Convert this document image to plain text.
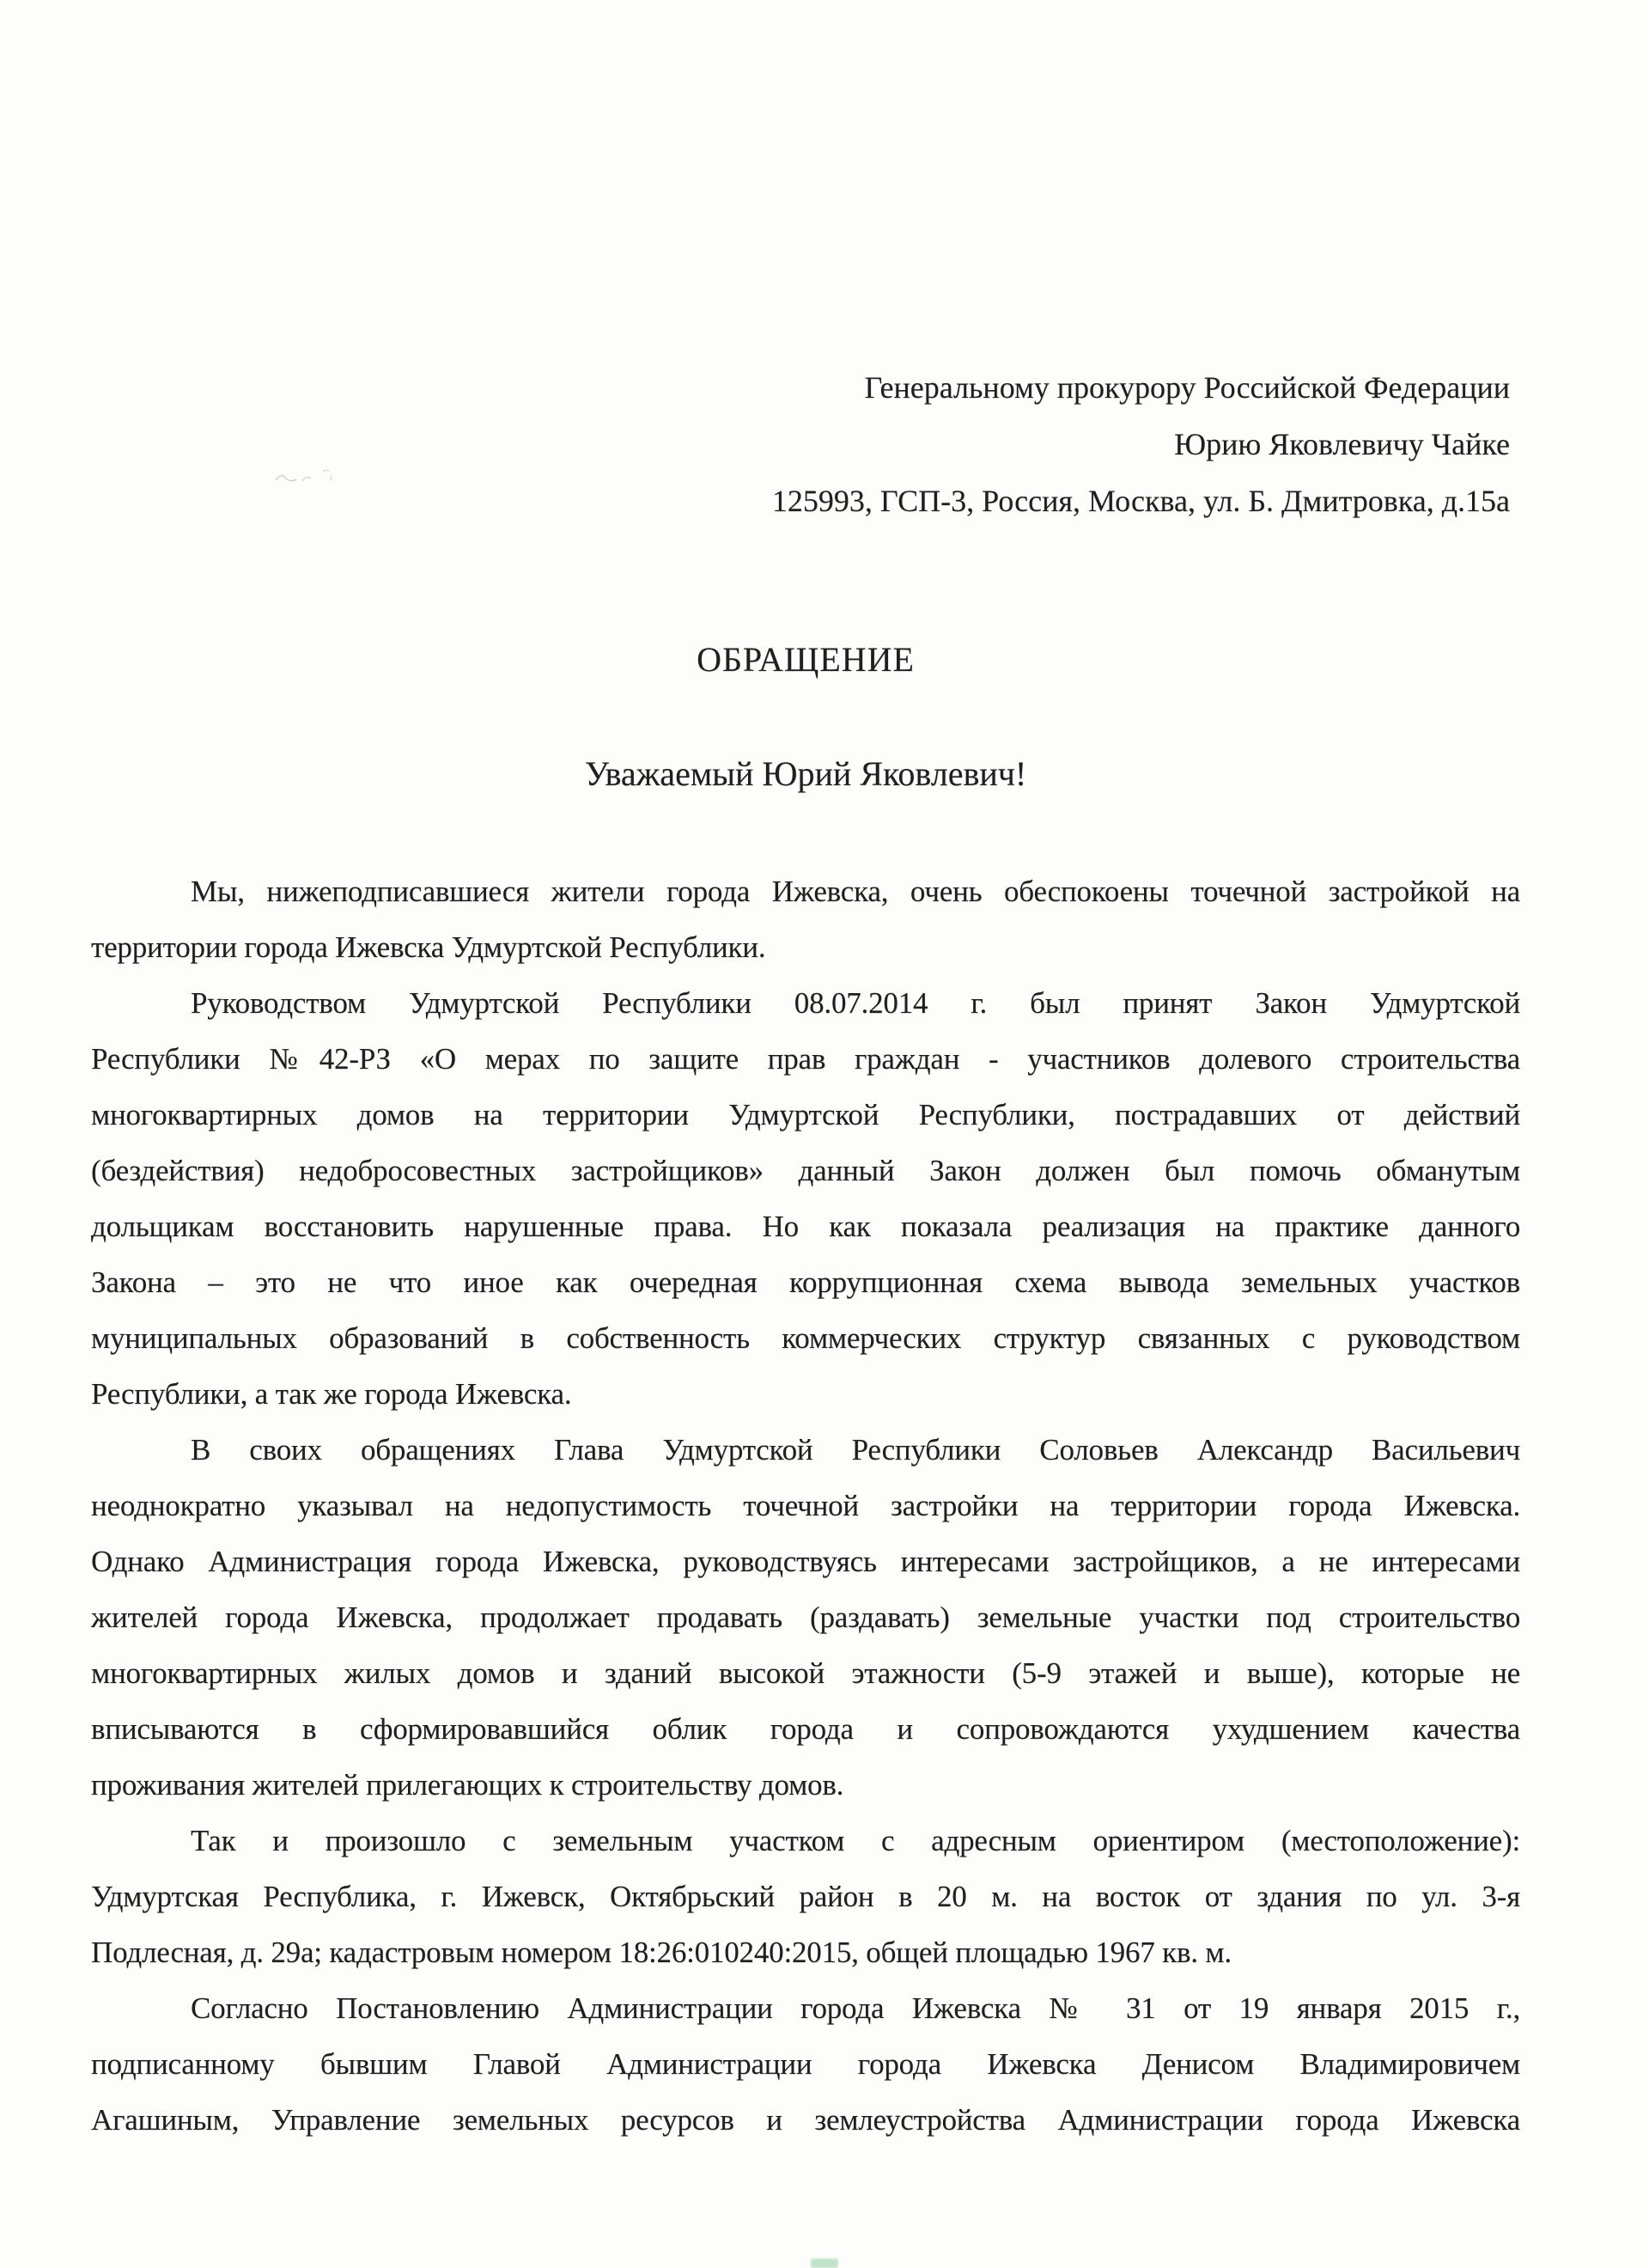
Генеральному прокурору Российской Федерации
Юрию Яковлевичу Чайке
125993, ГСП-3, Россия, Москва, ул. Б. Дмитровка, д.15а
ОБРАЩЕНИЕ
Уважаемый Юрий Яковлевич!
Мы, нижеподписавшиеся жители города Ижевска, очень обеспокоены точечной застройкой на
территории города Ижевска Удмуртской Республики.
Руководством Удмуртской Республики 08.07.2014 г. был принят Закон Удмуртской
Республики №42-РЗ «О мерах по защите прав граждан - участников долевого строительства
многоквартирных домов на территории Удмуртской Республики, пострадавших от действий
(бездействия) недобросовестных застройщиков» данный Закон должен был помочь обманутым
дольщикам восстановить нарушенные права. Но как показала реализация на практике данного
Закона – это не что иное как очередная коррупционная схема вывода земельных участков
муниципальных образований в собственность коммерческих структур связанных с руководством
Республики, а так же города Ижевска.
В своих обращениях Глава Удмуртской Республики Соловьев Александр Васильевич
неоднократно указывал на недопустимость точечной застройки на территории города Ижевска.
Однако Администрация города Ижевска, руководствуясь интересами застройщиков, а не интересами
жителей города Ижевска, продолжает продавать (раздавать) земельные участки под строительство
многоквартирных жилых домов и зданий высокой этажности (5-9 этажей и выше), которые не
вписываются в сформировавшийся облик города и сопровождаются ухудшением качества
проживания жителей прилегающих к строительству домов.
Так и произошло с земельным участком с адресным ориентиром (местоположение):
Удмуртская Республика, г. Ижевск, Октябрьский район в 20 м. на восток от здания по ул. 3-я
Подлесная, д. 29а; кадастровым номером 18:26:010240:2015, общей площадью 1967 кв. м.
Согласно Постановлению Администрации города Ижевска № 31 от 19 января 2015 г.,
подписанному бывшим Главой Администрации города Ижевска Денисом Владимировичем
Агашиным, Управление земельных ресурсов и землеустройства Администрации города Ижевска
